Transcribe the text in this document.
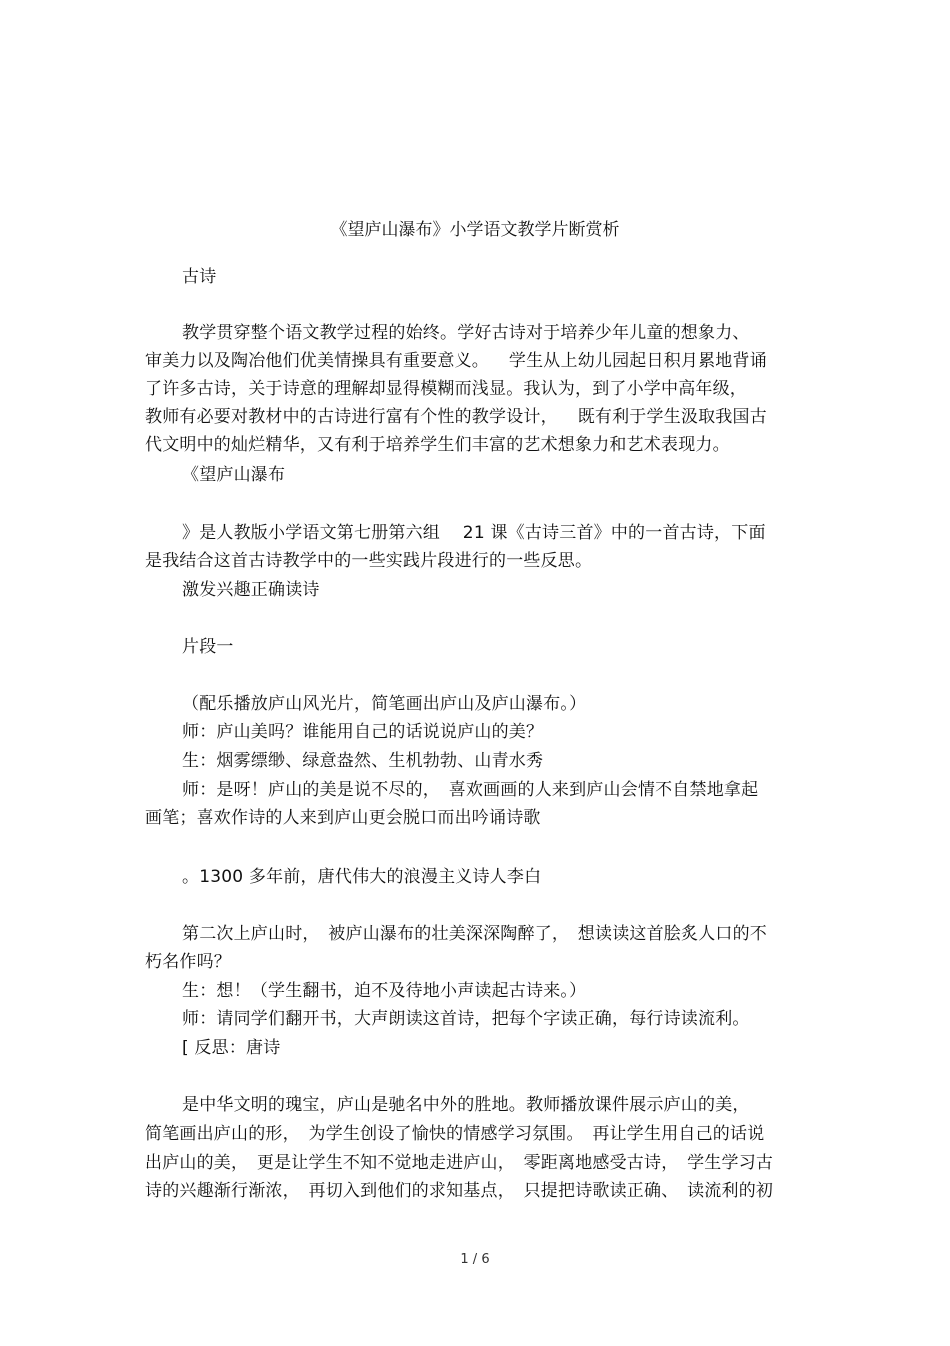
《望庐山瀑布》小学语文教学片断赏析
古诗
教学贯穿整个语文教学过程的始终。学好古诗对于培养少年儿童的想象力、
审美力以及陶冶他们优美情操具有重要意义。　  学生从上幼儿园起日积月累地背诵
了许多古诗，关于诗意的理解却显得模糊而浅显。我认为，到了小学中高年级，
教师有必要对教材中的古诗进行富有个性的教学设计，　  既有利于学生汲取我国古
代文明中的灿烂精华，又有利于培养学生们丰富的艺术想象力和艺术表现力。
《望庐山瀑布
》是人教版小学语文第七册第六组　 21 课《古诗三首》中的一首古诗，下面
是我结合这首古诗教学中的一些实践片段进行的一些反思。
激发兴趣正确读诗
片段一
（配乐播放庐山风光片，简笔画出庐山及庐山瀑布。）
师：庐山美吗？谁能用自己的话说说庐山的美？
生：烟雾缥缈、绿意盎然、生机勃勃、山青水秀
师：是呀！庐山的美是说不尽的，　喜欢画画的人来到庐山会情不自禁地拿起
画笔；喜欢作诗的人来到庐山更会脱口而出吟诵诗歌
。1300 多年前，唐代伟大的浪漫主义诗人李白
第二次上庐山时，　被庐山瀑布的壮美深深陶醉了，　想读读这首脍炙人口的不
朽名作吗？
生：想！（学生翻书，迫不及待地小声读起古诗来。）
师：请同学们翻开书，大声朗读这首诗，把每个字读正确，每行诗读流利。
[ 反思：唐诗
是中华文明的瑰宝，庐山是驰名中外的胜地。教师播放课件展示庐山的美，
简笔画出庐山的形，　为学生创设了愉快的情感学习氛围。　再让学生用自己的话说
出庐山的美，　更是让学生不知不觉地走进庐山，　零距离地感受古诗，　学生学习古
诗的兴趣渐行渐浓，　再切入到他们的求知基点，　只提把诗歌读正确、　读流利的初
1 / 6
